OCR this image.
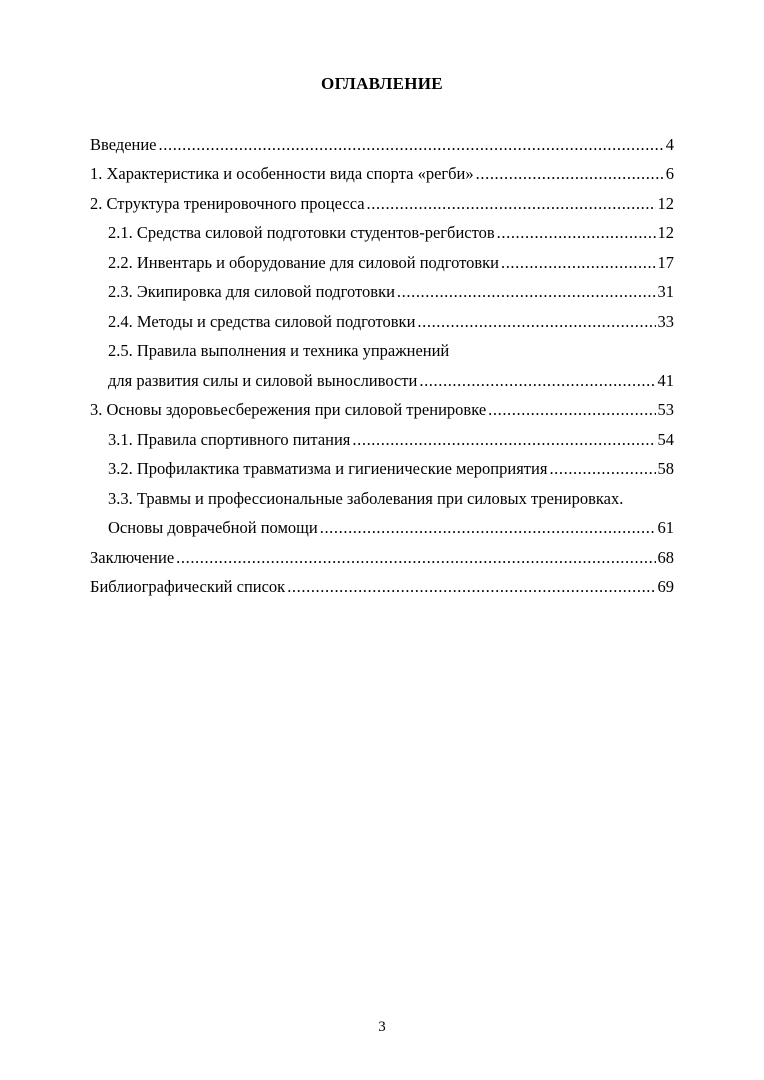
ОГЛАВЛЕНИЕ
Введение .....	4
1. Характеристика и особенности вида спорта «регби» .....	6
2. Структура тренировочного процесса .....	12
2.1. Средства силовой подготовки студентов-регбистов .....	12
2.2. Инвентарь и оборудование для силовой подготовки .....	17
2.3. Экипировка для силовой подготовки .....	31
2.4. Методы и средства силовой подготовки .....	33
2.5. Правила выполнения и техника упражнений
для развития силы и силовой выносливости .....	41
3. Основы здоровьесбережения при силовой тренировке .....	53
3.1. Правила спортивного питания .....	54
3.2. Профилактика травматизма и гигиенические мероприятия .....	58
3.3. Травмы и профессиональные заболевания при силовых тренировках.
Основы доврачебной помощи .....	61
Заключение .....	68
Библиографический список .....	69
3
